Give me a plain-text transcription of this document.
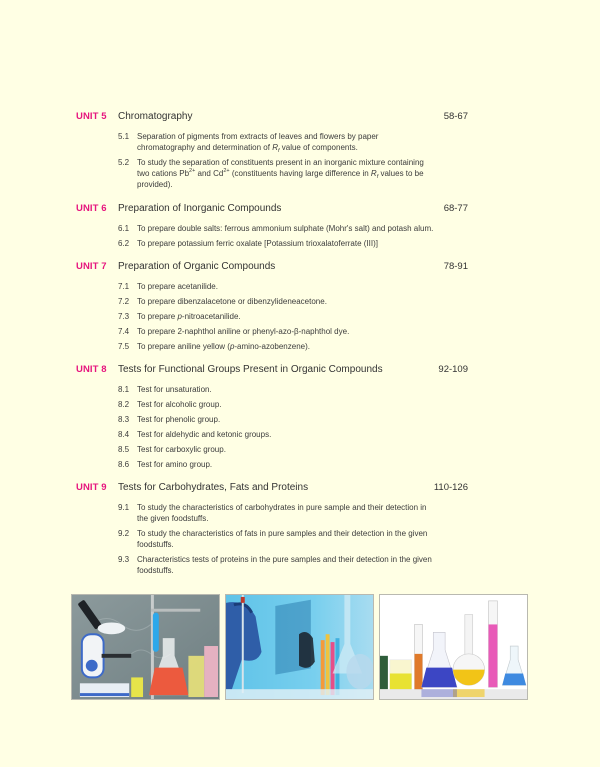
UNIT 5	Chromatography	58-67
5.1 Separation of pigments from extracts of leaves and flowers by paper chromatography and determination of $R_f$ value of components.
5.2 To study the separation of constituents present in an inorganic mixture containing two cations $Pb^{2+}$ and $Cd^{2+}$ (constituents having large difference in $R_f$ values to be provided).
UNIT 6	Preparation of Inorganic Compounds	68-77
6.1 To prepare double salts: ferrous ammonium sulphate (Mohr's salt) and potash alum.
6.2 To prepare potassium ferric oxalate [Potassium trioxalatoferrate (III)]
UNIT 7	Preparation of Organic Compounds	78-91
7.1 To prepare acetanilide.
7.2 To prepare dibenzalacetone or dibenzylideneacetone.
7.3 To prepare p-nitroacetanilide.
7.4 To prepare 2-naphthol aniline or phenyl-azo-β-naphthol dye.
7.5 To prepare aniline yellow (p-amino-azobenzene).
UNIT 8	Tests for Functional Groups Present in Organic Compounds	92-109
8.1 Test for unsaturation.
8.2 Test for alcoholic group.
8.3 Test for phenolic group.
8.4 Test for aldehydic and ketonic groups.
8.5 Test for carboxylic group.
8.6 Test for amino group.
UNIT 9	Tests for Carbohydrates, Fats and Proteins	110-126
9.1 To study the characteristics of carbohydrates in pure sample and their detection in the given foodstuffs.
9.2 To study the characteristics of fats in pure samples and their detection in the given foodstuffs.
9.3 Characteristics tests of proteins in the pure samples and their detection in the given foodstuffs.
